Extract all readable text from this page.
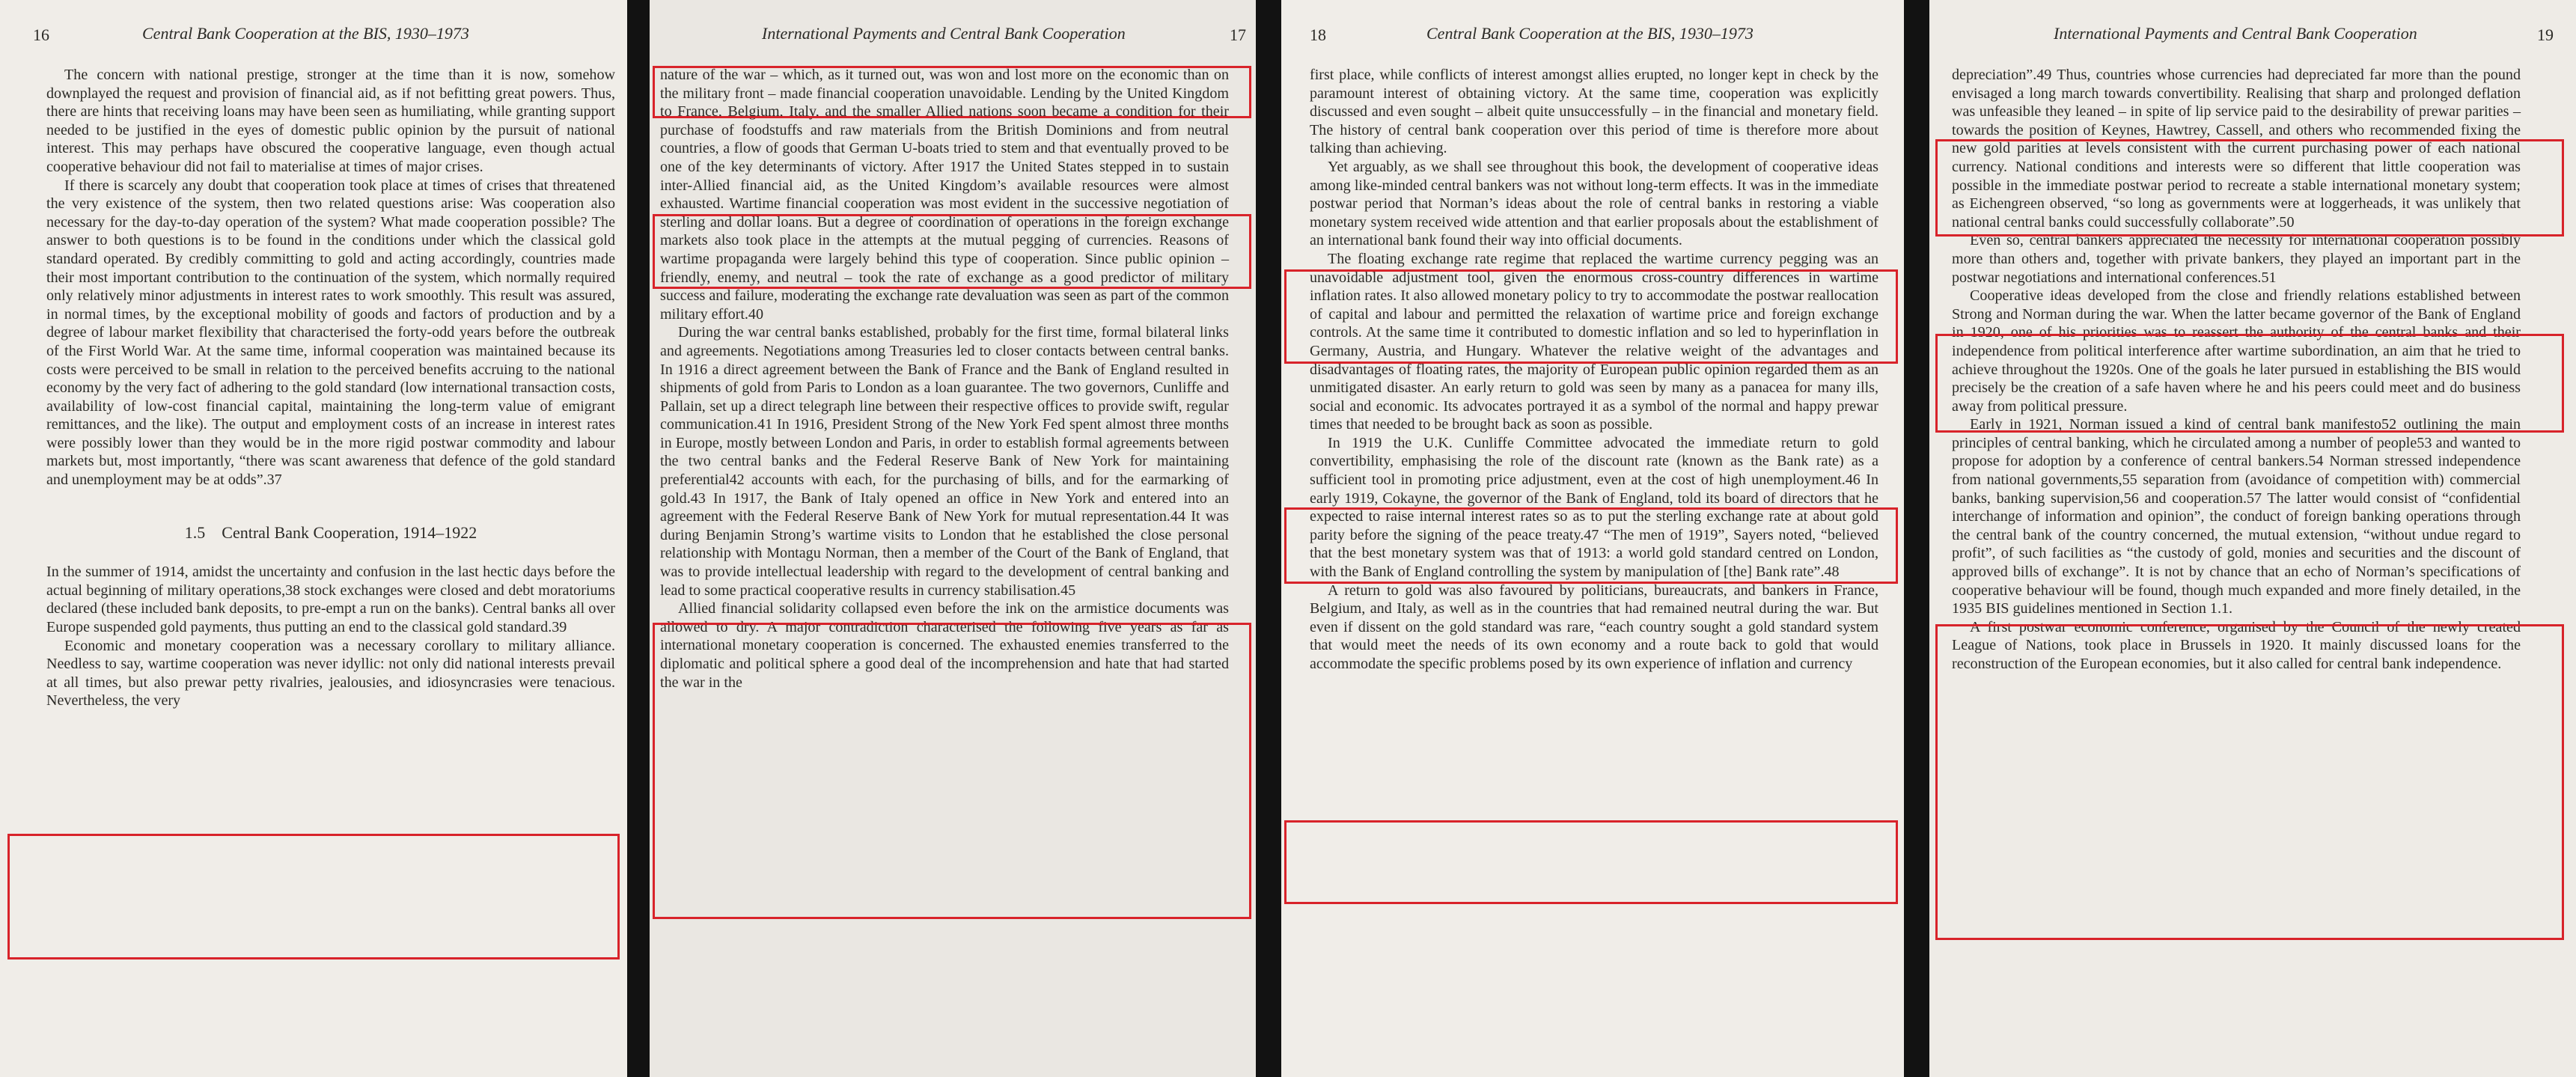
16	Central Bank Cooperation at the BIS, 1930–1973

The concern with national prestige, stronger at the time than it is now, somehow downplayed the request and provision of financial aid, as if not befitting great powers. Thus, there are hints that receiving loans may have been seen as humiliating, while granting support needed to be justified in the eyes of domestic public opinion by the pursuit of national interest. This may perhaps have obscured the cooperative language, even though actual cooperative behaviour did not fail to materialise at times of major crises.

If there is scarcely any doubt that cooperation took place at times of crises that threatened the very existence of the system, then two related questions arise: Was cooperation also necessary for the day-to-day operation of the system? What made cooperation possible? The answer to both questions is to be found in the conditions under which the classical gold standard operated. By credibly committing to gold and acting accordingly, countries made their most important contribution to the continuation of the system, which normally required only relatively minor adjustments in interest rates to work smoothly. This result was assured, in normal times, by the exceptional mobility of goods and factors of production and by a degree of labour market flexibility that characterised the forty-odd years before the outbreak of the First World War. At the same time, informal cooperation was maintained because its costs were perceived to be small in relation to the perceived benefits accruing to the national economy by the very fact of adhering to the gold standard (low international transaction costs, availability of low-cost financial capital, maintaining the long-term value of emigrant remittances, and the like). The output and employment costs of an increase in interest rates were possibly lower than they would be in the more rigid postwar commodity and labour markets but, most importantly, “there was scant awareness that defence of the gold standard and unemployment may be at odds”.37

1.5 Central Bank Cooperation, 1914–1922

In the summer of 1914, amidst the uncertainty and confusion in the last hectic days before the actual beginning of military operations,38 stock exchanges were closed and debt moratoriums declared (these included bank deposits, to pre-empt a run on the banks). Central banks all over Europe suspended gold payments, thus putting an end to the classical gold standard.39

Economic and monetary cooperation was a necessary corollary to military alliance. Needless to say, wartime cooperation was never idyllic: not only did national interests prevail at all times, but also prewar petty rivalries, jealousies, and idiosyncrasies were tenacious. Nevertheless, the very

International Payments and Central Bank Cooperation	17

nature of the war – which, as it turned out, was won and lost more on the economic than on the military front – made financial cooperation unavoidable. Lending by the United Kingdom to France, Belgium, Italy, and the smaller Allied nations soon became a condition for their purchase of foodstuffs and raw materials from the British Dominions and from neutral countries, a flow of goods that German U-boats tried to stem and that eventually proved to be one of the key determinants of victory. After 1917 the United States stepped in to sustain inter-Allied financial aid, as the United Kingdom’s available resources were almost exhausted. Wartime financial cooperation was most evident in the successive negotiation of sterling and dollar loans. But a degree of coordination of operations in the foreign exchange markets also took place in the attempts at the mutual pegging of currencies. Reasons of wartime propaganda were largely behind this type of cooperation. Since public opinion – friendly, enemy, and neutral – took the rate of exchange as a good predictor of military success and failure, moderating the exchange rate devaluation was seen as part of the common military effort.40

During the war central banks established, probably for the first time, formal bilateral links and agreements. Negotiations among Treasuries led to closer contacts between central banks. In 1916 a direct agreement between the Bank of France and the Bank of England resulted in shipments of gold from Paris to London as a loan guarantee. The two governors, Cunliffe and Pallain, set up a direct telegraph line between their respective offices to provide swift, regular communication.41 In 1916, President Strong of the New York Fed spent almost three months in Europe, mostly between London and Paris, in order to establish formal agreements between the two central banks and the Federal Reserve Bank of New York for maintaining preferential42 accounts with each, for the purchasing of bills, and for the earmarking of gold.43 In 1917, the Bank of Italy opened an office in New York and entered into an agreement with the Federal Reserve Bank of New York for mutual representation.44 It was during Benjamin Strong’s wartime visits to London that he established the close personal relationship with Montagu Norman, then a member of the Court of the Bank of England, that was to provide intellectual leadership with regard to the development of central banking and lead to some practical cooperative results in currency stabilisation.45

Allied financial solidarity collapsed even before the ink on the armistice documents was allowed to dry. A major contradiction characterised the following five years as far as international monetary cooperation is concerned. The exhausted enemies transferred to the diplomatic and political sphere a good deal of the incomprehension and hate that had started the war in the

18	Central Bank Cooperation at the BIS, 1930–1973

first place, while conflicts of interest amongst allies erupted, no longer kept in check by the paramount interest of obtaining victory. At the same time, cooperation was explicitly discussed and even sought – albeit quite unsuccessfully – in the financial and monetary field. The history of central bank cooperation over this period of time is therefore more about talking than achieving.

Yet arguably, as we shall see throughout this book, the development of cooperative ideas among like-minded central bankers was not without long-term effects. It was in the immediate postwar period that Norman’s ideas about the role of central banks in restoring a viable monetary system received wide attention and that earlier proposals about the establishment of an international bank found their way into official documents.

The floating exchange rate regime that replaced the wartime currency pegging was an unavoidable adjustment tool, given the enormous cross-country differences in wartime inflation rates. It also allowed monetary policy to try to accommodate the postwar reallocation of capital and labour and permitted the relaxation of wartime price and foreign exchange controls. At the same time it contributed to domestic inflation and so led to hyperinflation in Germany, Austria, and Hungary. Whatever the relative weight of the advantages and disadvantages of floating rates, the majority of European public opinion regarded them as an unmitigated disaster. An early return to gold was seen by many as a panacea for many ills, social and economic. Its advocates portrayed it as a symbol of the normal and happy prewar times that needed to be brought back as soon as possible.

In 1919 the U.K. Cunliffe Committee advocated the immediate return to gold convertibility, emphasising the role of the discount rate (known as the Bank rate) as a sufficient tool in promoting price adjustment, even at the cost of high unemployment.46 In early 1919, Cokayne, the governor of the Bank of England, told its board of directors that he expected to raise internal interest rates so as to put the sterling exchange rate at about gold parity before the signing of the peace treaty.47 “The men of 1919”, Sayers noted, “believed that the best monetary system was that of 1913: a world gold standard centred on London, with the Bank of England controlling the system by manipulation of [the] Bank rate”.48

A return to gold was also favoured by politicians, bureaucrats, and bankers in France, Belgium, and Italy, as well as in the countries that had remained neutral during the war. But even if dissent on the gold standard was rare, “each country sought a gold standard system that would meet the needs of its own economy and a route back to gold that would accommodate the specific problems posed by its own experience of inflation and currency

International Payments and Central Bank Cooperation	19

depreciation”.49 Thus, countries whose currencies had depreciated far more than the pound envisaged a long march towards convertibility. Realising that sharp and prolonged deflation was unfeasible they leaned – in spite of lip service paid to the desirability of prewar parities – towards the position of Keynes, Hawtrey, Cassell, and others who recommended fixing the new gold parities at levels consistent with the current purchasing power of each national currency. National conditions and interests were so different that little cooperation was possible in the immediate postwar period to recreate a stable international monetary system; as Eichengreen observed, “so long as governments were at loggerheads, it was unlikely that national central banks could successfully collaborate”.50

Even so, central bankers appreciated the necessity for international cooperation possibly more than others and, together with private bankers, they played an important part in the postwar negotiations and international conferences.51

Cooperative ideas developed from the close and friendly relations established between Strong and Norman during the war. When the latter became governor of the Bank of England in 1920, one of his priorities was to reassert the authority of the central banks and their independence from political interference after wartime subordination, an aim that he tried to achieve throughout the 1920s. One of the goals he later pursued in establishing the BIS would precisely be the creation of a safe haven where he and his peers could meet and do business away from political pressure.

Early in 1921, Norman issued a kind of central bank manifesto52 outlining the main principles of central banking, which he circulated among a number of people53 and wanted to propose for adoption by a conference of central bankers.54 Norman stressed independence from national governments,55 separation from (avoidance of competition with) commercial banks, banking supervision,56 and cooperation.57 The latter would consist of “confidential interchange of information and opinion”, the conduct of foreign banking operations through the central bank of the country concerned, the mutual extension, “without undue regard to profit”, of such facilities as “the custody of gold, monies and securities and the discount of approved bills of exchange”. It is not by chance that an echo of Norman’s specifications of cooperative behaviour will be found, though much expanded and more finely detailed, in the 1935 BIS guidelines mentioned in Section 1.1.

A first postwar economic conference, organised by the Council of the newly created League of Nations, took place in Brussels in 1920. It mainly discussed loans for the reconstruction of the European economies, but it also called for central bank independence.
